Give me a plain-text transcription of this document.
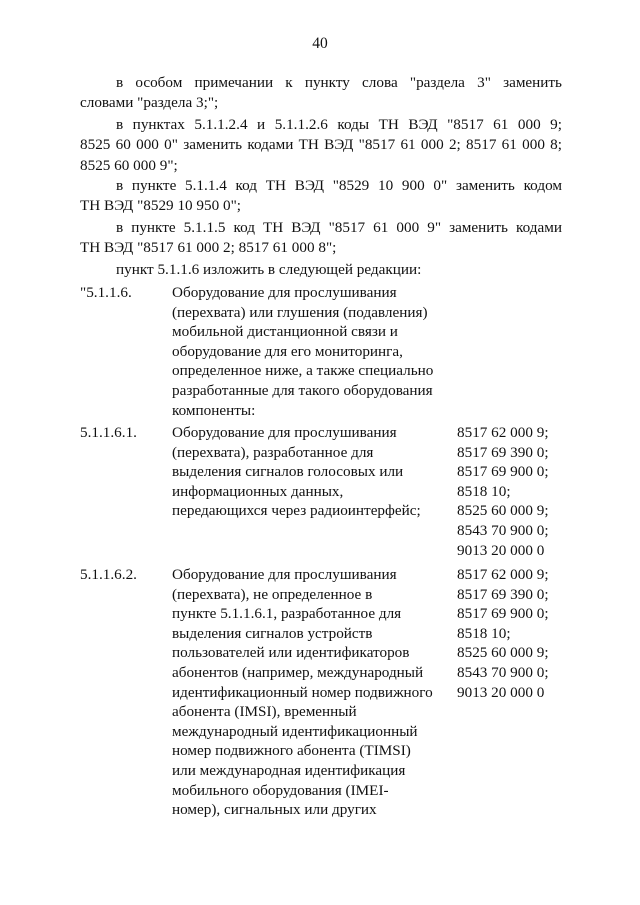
40
в особом примечании к пункту слова "раздела 3" заменить
словами "раздела 3;";
в пунктах 5.1.1.2.4 и 5.1.1.2.6 коды ТН ВЭД "8517 61 000 9;
8525 60 000 0" заменить кодами ТН ВЭД "8517 61 000 2; 8517 61 000 8; 8525 60 000 9";
в пункте 5.1.1.4 код ТН ВЭД "8529 10 900 0" заменить кодом
ТН ВЭД "8529 10 950 0";
в пункте 5.1.1.5 код ТН ВЭД "8517 61 000 9" заменить кодами
ТН ВЭД "8517 61 000 2; 8517 61 000 8";
пункт 5.1.1.6 изложить в следующей редакции:
"5.1.1.6.	Оборудование для прослушивания
(перехвата) или глушения (подавления)
мобильной дистанционной связи и
оборудование для его мониторинга,
определенное ниже, а также специально
разработанные для такого оборудования
компоненты:
5.1.1.6.1. Оборудование для прослушивания
(перехвата), разработанное для
выделения сигналов голосовых или
информационных данных,
передающихся через радиоинтерфейс;
8517 62 000 9;
8517 69 390 0;
8517 69 900 0;
8518 10;
8525 60 000 9;
8543 70 900 0;
9013 20 000 0
5.1.1.6.2. Оборудование для прослушивания
(перехвата), не определенное в
пункте 5.1.1.6.1, разработанное для
выделения сигналов устройств
пользователей или идентификаторов
абонентов (например, международный
идентификационный номер подвижного
абонента (IMSI), временный
международный идентификационный
номер подвижного абонента (TIMSI)
или международная идентификация
мобильного оборудования (IMEI-
номер), сигнальных или других
8517 62 000 9;
8517 69 390 0;
8517 69 900 0;
8518 10;
8525 60 000 9;
8543 70 900 0;
9013 20 000 0
